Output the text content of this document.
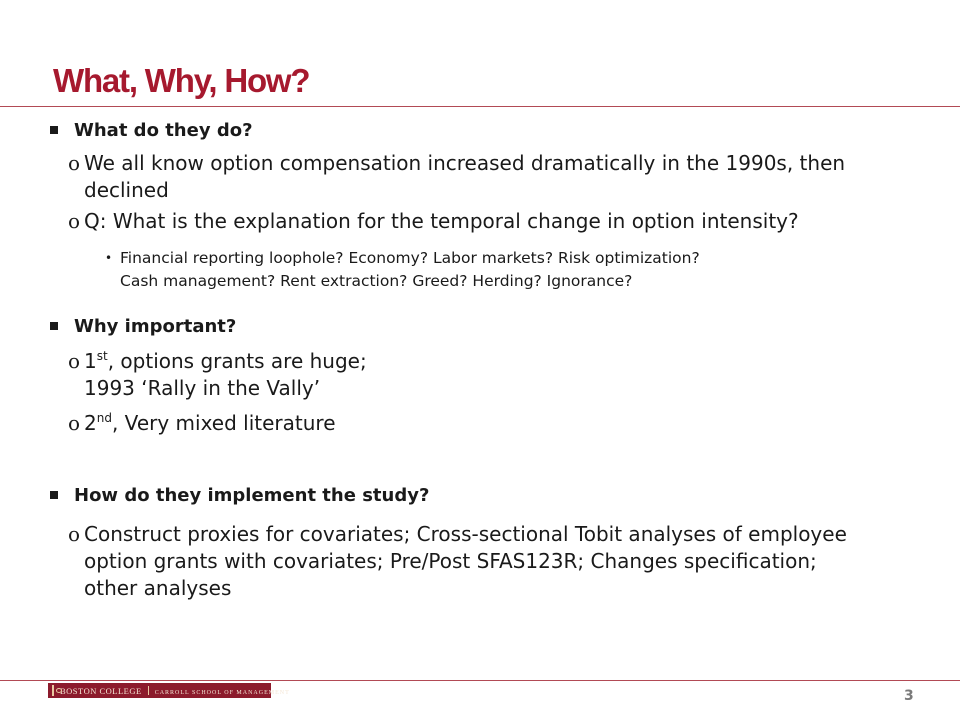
What, Why, How?
What do they do?
o We all know option compensation increased dramatically in the 1990s, then
declined
o Q: What is the explanation for the temporal change in option intensity?
• Financial reporting loophole? Economy? Labor markets? Risk optimization?
Cash management? Rent extraction? Greed? Herding? Ignorance?
Why important?
o 1st, options grants are huge;
1993 ‘Rally in the Vally’
o 2nd, Very mixed literature
How do they implement the study?
o Construct proxies for covariates; Cross-sectional Tobit analyses of employee
option grants with covariates; Pre/Post SFAS123R; Changes specification;
other analyses
BOSTON COLLEGE CARROLL SCHOOL OF MANAGEMENT	3
